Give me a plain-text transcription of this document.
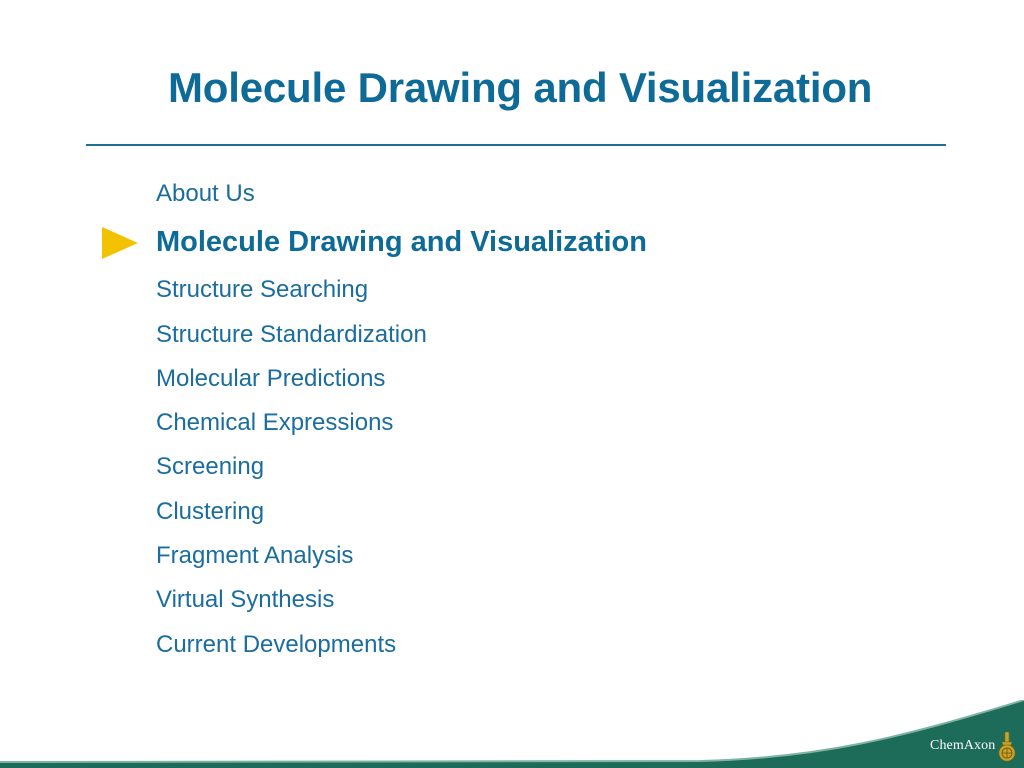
Molecule Drawing and Visualization
About Us
Molecule Drawing and Visualization
Structure Searching
Structure Standardization
Molecular Predictions
Chemical Expressions
Screening
Clustering
Fragment Analysis
Virtual Synthesis
Current Developments
ChemAxon
